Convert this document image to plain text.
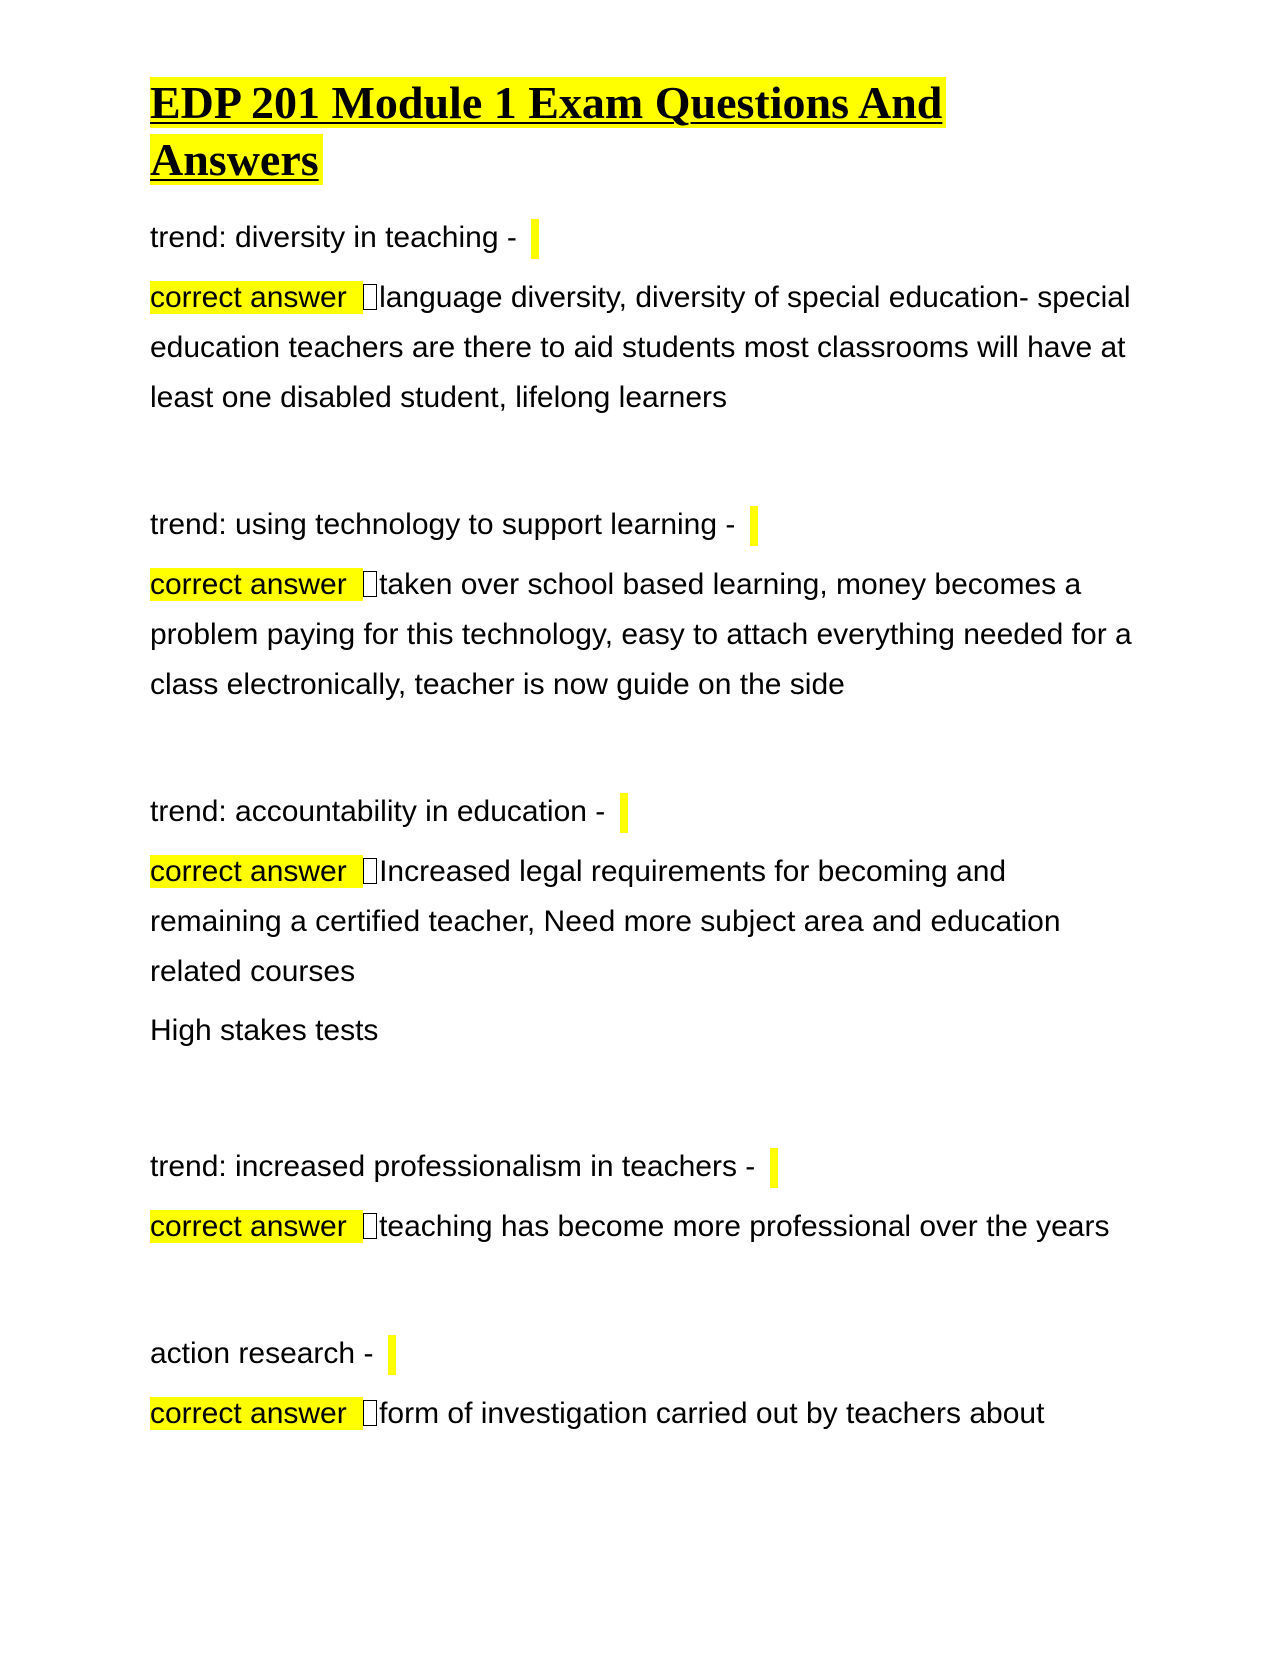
EDP 201 Module 1 Exam Questions And
Answers
trend: diversity in teaching -

correct answer language diversity, diversity of special education- special education teachers are there to aid students most classrooms will have at least one disabled student, lifelong learners

trend: using technology to support learning -

correct answer taken over school based learning, money becomes a problem paying for this technology, easy to attach everything needed for a class electronically, teacher is now guide on the side

trend: accountability in education -

correct answer Increased legal requirements for becoming and remaining a certified teacher, Need more subject area and education related courses

High stakes tests

trend: increased professionalism in teachers -

correct answer teaching has become more professional over the years

action research -

correct answer form of investigation carried out by teachers about
